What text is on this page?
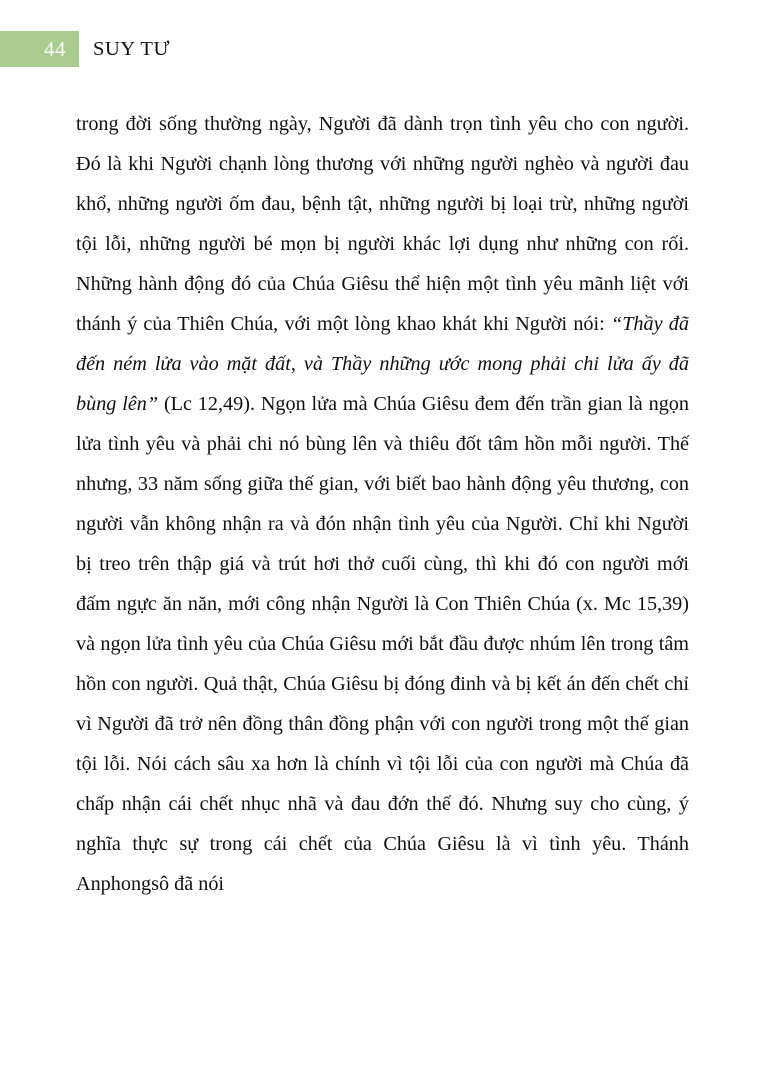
44	SUY TƯ

trong đời sống thường ngày, Người đã dành trọn tình yêu cho con người. Đó là khi Người chạnh lòng thương với những người nghèo và người đau khổ, những người ốm đau, bệnh tật, những người bị loại trừ, những người tội lỗi, những người bé mọn bị người khác lợi dụng như những con rối. Những hành động đó của Chúa Giêsu thể hiện một tình yêu mãnh liệt với thánh ý của Thiên Chúa, với một lòng khao khát khi Người nói: “Thầy đã đến ném lửa vào mặt đất, và Thầy những ước mong phải chi lửa ấy đã bùng lên” (Lc 12,49). Ngọn lửa mà Chúa Giêsu đem đến trần gian là ngọn lửa tình yêu và phải chi nó bùng lên và thiêu đốt tâm hồn mỗi người. Thế nhưng, 33 năm sống giữa thế gian, với biết bao hành động yêu thương, con người vẫn không nhận ra và đón nhận tình yêu của Người. Chỉ khi Người bị treo trên thập giá và trút hơi thở cuối cùng, thì khi đó con người mới đấm ngực ăn năn, mới công nhận Người là Con Thiên Chúa (x. Mc 15,39) và ngọn lửa tình yêu của Chúa Giêsu mới bắt đầu được nhúm lên trong tâm hồn con người. Quả thật, Chúa Giêsu bị đóng đinh và bị kết án đến chết chỉ vì Người đã trở nên đồng thân đồng phận với con người trong một thế gian tội lỗi. Nói cách sâu xa hơn là chính vì tội lỗi của con người mà Chúa đã chấp nhận cái chết nhục nhã và đau đớn thế đó. Nhưng suy cho cùng, ý nghĩa thực sự trong cái chết của Chúa Giêsu là vì tình yêu. Thánh Anphongsô đã nói
